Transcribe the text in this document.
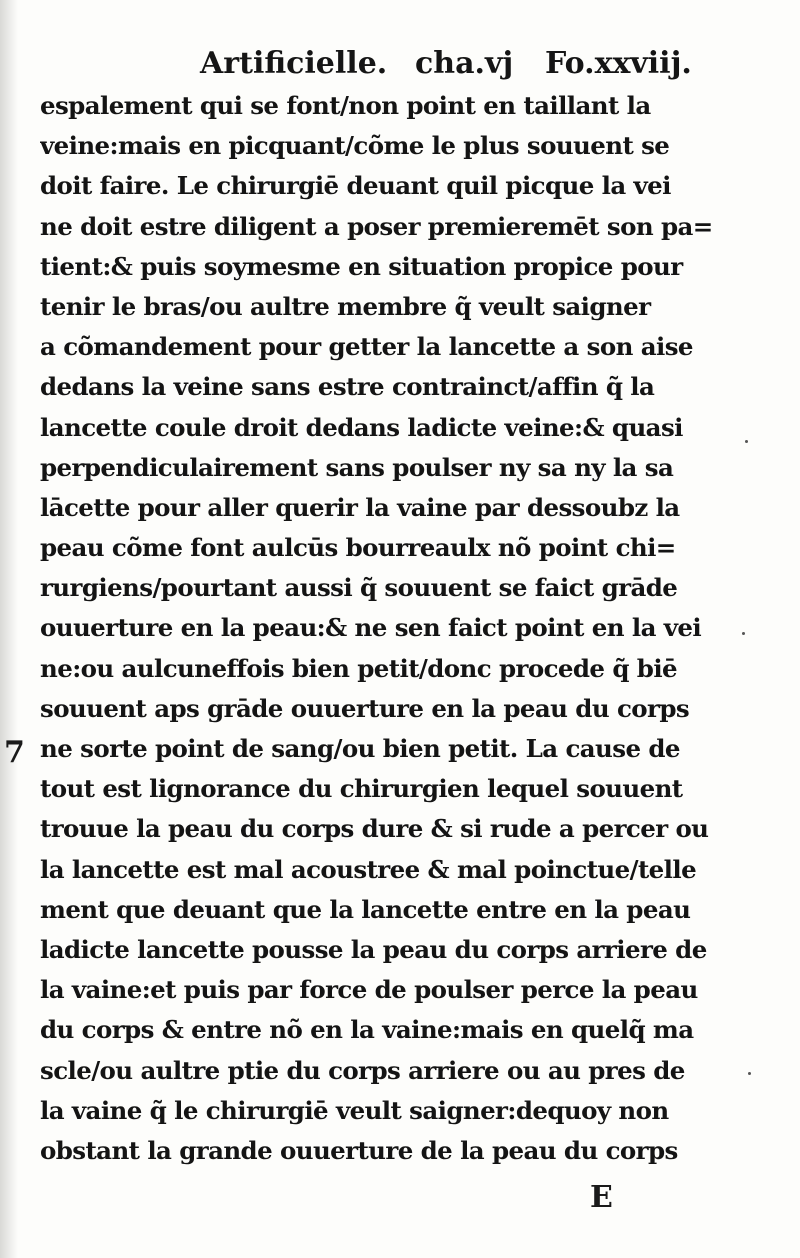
Artificielle. cha.vj Fo.xxviij.
7
espalement qui se font/non point en taillant la
veine:mais en picquant/cõme le plus souuent se
doit faire. Le chirurgiē deuant quil picque la vei
ne doit estre diligent a poser premieremēt son pa=
tient:& puis soymesme en situation propice pour
tenir le bras/ou aultre membre q̃ veult saigner
a cõmandement pour getter la lancette a son aise
dedans la veine sans estre contrainct/affin q̃ la
lancette coule droit dedans ladicte veine:& quasi
perpendiculairement sans poulser ny sa ny la sa
lācette pour aller querir la vaine par dessoubz la
peau cõme font aulcūs bourreaulx nõ point chi=
rurgiens/pourtant aussi q̃ souuent se faict grāde
ouuerture en la peau:& ne sen faict point en la vei
ne:ou aulcuneffois bien petit/donc procede q̃ biē
souuent aps grāde ouuerture en la peau du corps
ne sorte point de sang/ou bien petit. La cause de
tout est lignorance du chirurgien lequel souuent
trouue la peau du corps dure & si rude a percer ou
la lancette est mal acoustree & mal poinctue/telle
ment que deuant que la lancette entre en la peau
ladicte lancette pousse la peau du corps arriere de
la vaine:et puis par force de poulser perce la peau
du corps & entre nõ en la vaine:mais en quelq̃ ma
scle/ou aultre ptie du corps arriere ou au pres de
la vaine q̃ le chirurgiē veult saigner:dequoy non
obstant la grande ouuerture de la peau du corps
E
